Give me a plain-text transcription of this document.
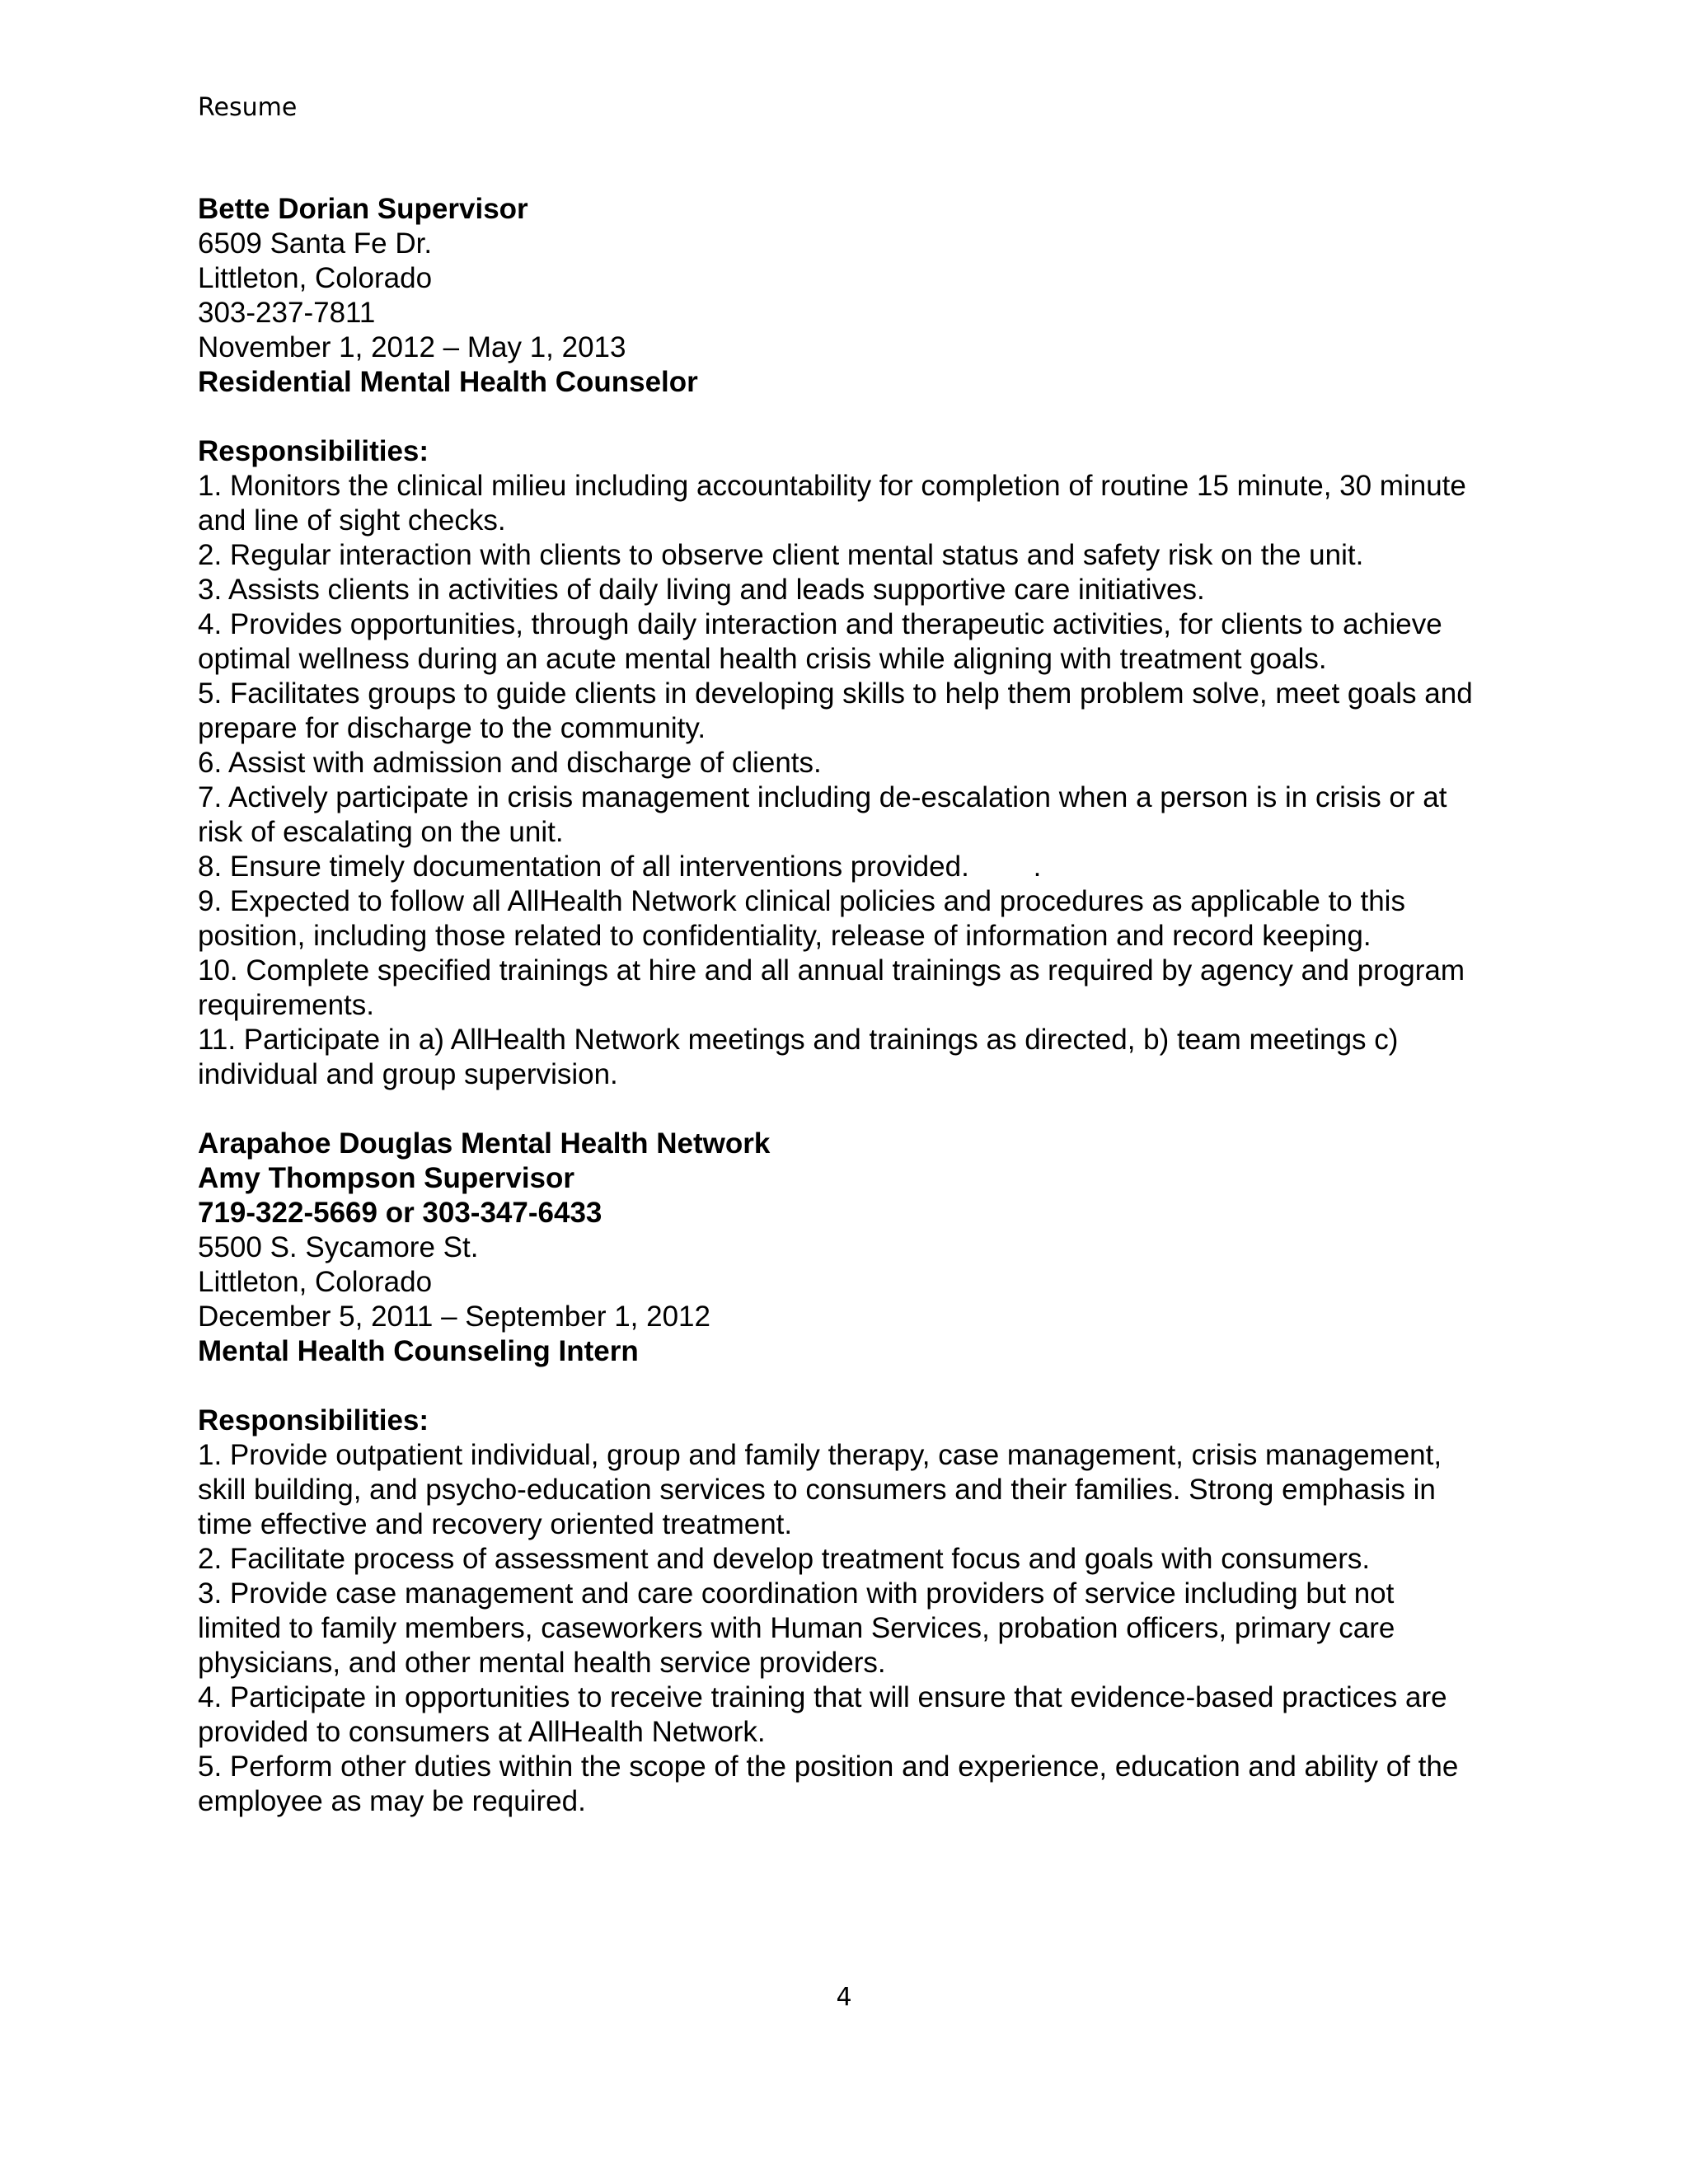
Resume
Bette Dorian Supervisor
6509 Santa Fe Dr.
Littleton, Colorado
303-237-7811
November 1, 2012 – May 1, 2013
Residential Mental Health Counselor
Responsibilities:
1. Monitors the clinical milieu including accountability for completion of routine 15 minute, 30 minute and line of sight checks.
2. Regular interaction with clients to observe client mental status and safety risk on the unit.
3. Assists clients in activities of daily living and leads supportive care initiatives.
4. Provides opportunities, through daily interaction and therapeutic activities, for clients to achieve optimal wellness during an acute mental health crisis while aligning with treatment goals.
5. Facilitates groups to guide clients in developing skills to help them problem solve, meet goals and prepare for discharge to the community.
6. Assist with admission and discharge of clients.
7. Actively participate in crisis management including de-escalation when a person is in crisis or at risk of escalating on the unit.
8. Ensure timely documentation of all interventions provided.        .
9. Expected to follow all AllHealth Network clinical policies and procedures as applicable to this position, including those related to confidentiality, release of information and record keeping.
10. Complete specified trainings at hire and all annual trainings as required by agency and program requirements.
11. Participate in a) AllHealth Network meetings and trainings as directed, b) team meetings c) individual and group supervision.
Arapahoe Douglas Mental Health Network
Amy Thompson Supervisor
719-322-5669 or 303-347-6433
5500 S. Sycamore St.
Littleton, Colorado
December 5, 2011 – September 1, 2012
Mental Health Counseling Intern
Responsibilities:
1. Provide outpatient individual, group and family therapy, case management, crisis management, skill building, and psycho-education services to consumers and their families. Strong emphasis in time effective and recovery oriented treatment.
2. Facilitate process of assessment and develop treatment focus and goals with consumers.
3. Provide case management and care coordination with providers of service including but not limited to family members, caseworkers with Human Services, probation officers, primary care physicians, and other mental health service providers.
4. Participate in opportunities to receive training that will ensure that evidence-based practices are provided to consumers at AllHealth Network.
5. Perform other duties within the scope of the position and experience, education and ability of the employee as may be required.
4
